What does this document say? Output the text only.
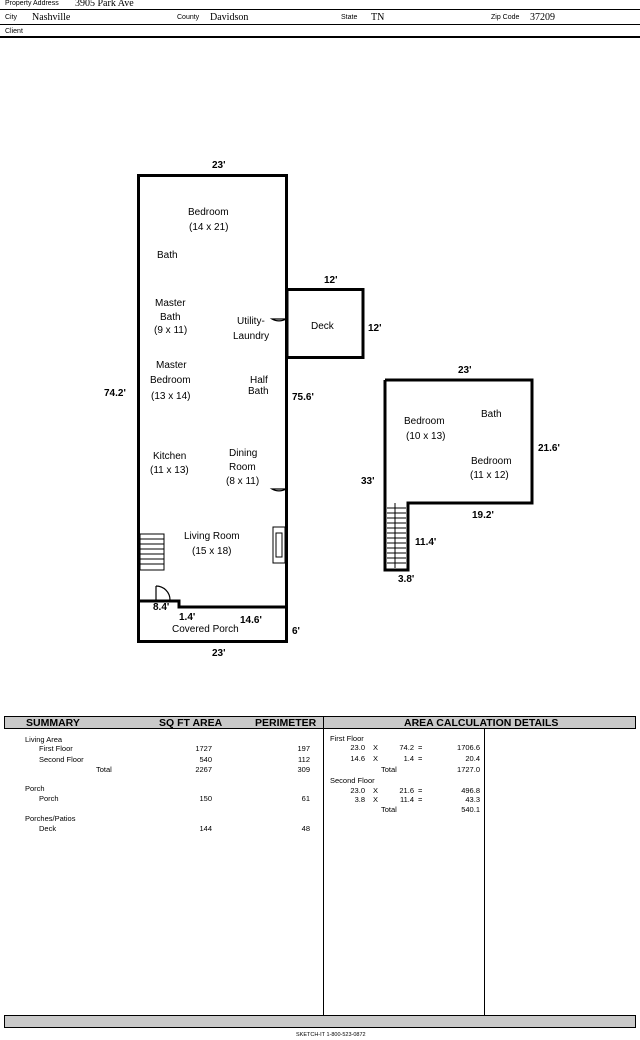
Property Address 3905 Park Ave
City Nashville	County Davidson	State TN	Zip Code 37209
Client
23'
74.2'	75.6'
23'
6'
8.4'
1.4'	14.6'
12'
12'
Deck
Bedroom
(14 x 21)
Bath
Master
Bath
(9 x 11)
Utility-
Laundry
Master
Bedroom
(13 x 14)
Half
Bath
Kitchen
(11 x 13)
Dining
Room
(8 x 11)
Living Room
(15 x 18)
Covered Porch
23'
21.6'
33'
19.2'
11.4'
3.8'
Bedroom
(10 x 13)
Bath
Bedroom
(11 x 12)
SUMMARY	SQ FT AREA	PERIMETER	AREA CALCULATION DETAILS
Living Area
First Floor	1727	197
Second Floor	540	112
Total	2267	309
Porch
Porch	150	61
Porches/Patios
Deck	144	48
First Floor
23.0 X	74.2 =	1706.6
14.6 X	1.4 =	20.4
Total	1727.0
Second Floor
23.0 X	21.6 =	496.8
3.8 X	11.4 =	43.3
Total	540.1
SKETCH-IT 1-800-523-0872
